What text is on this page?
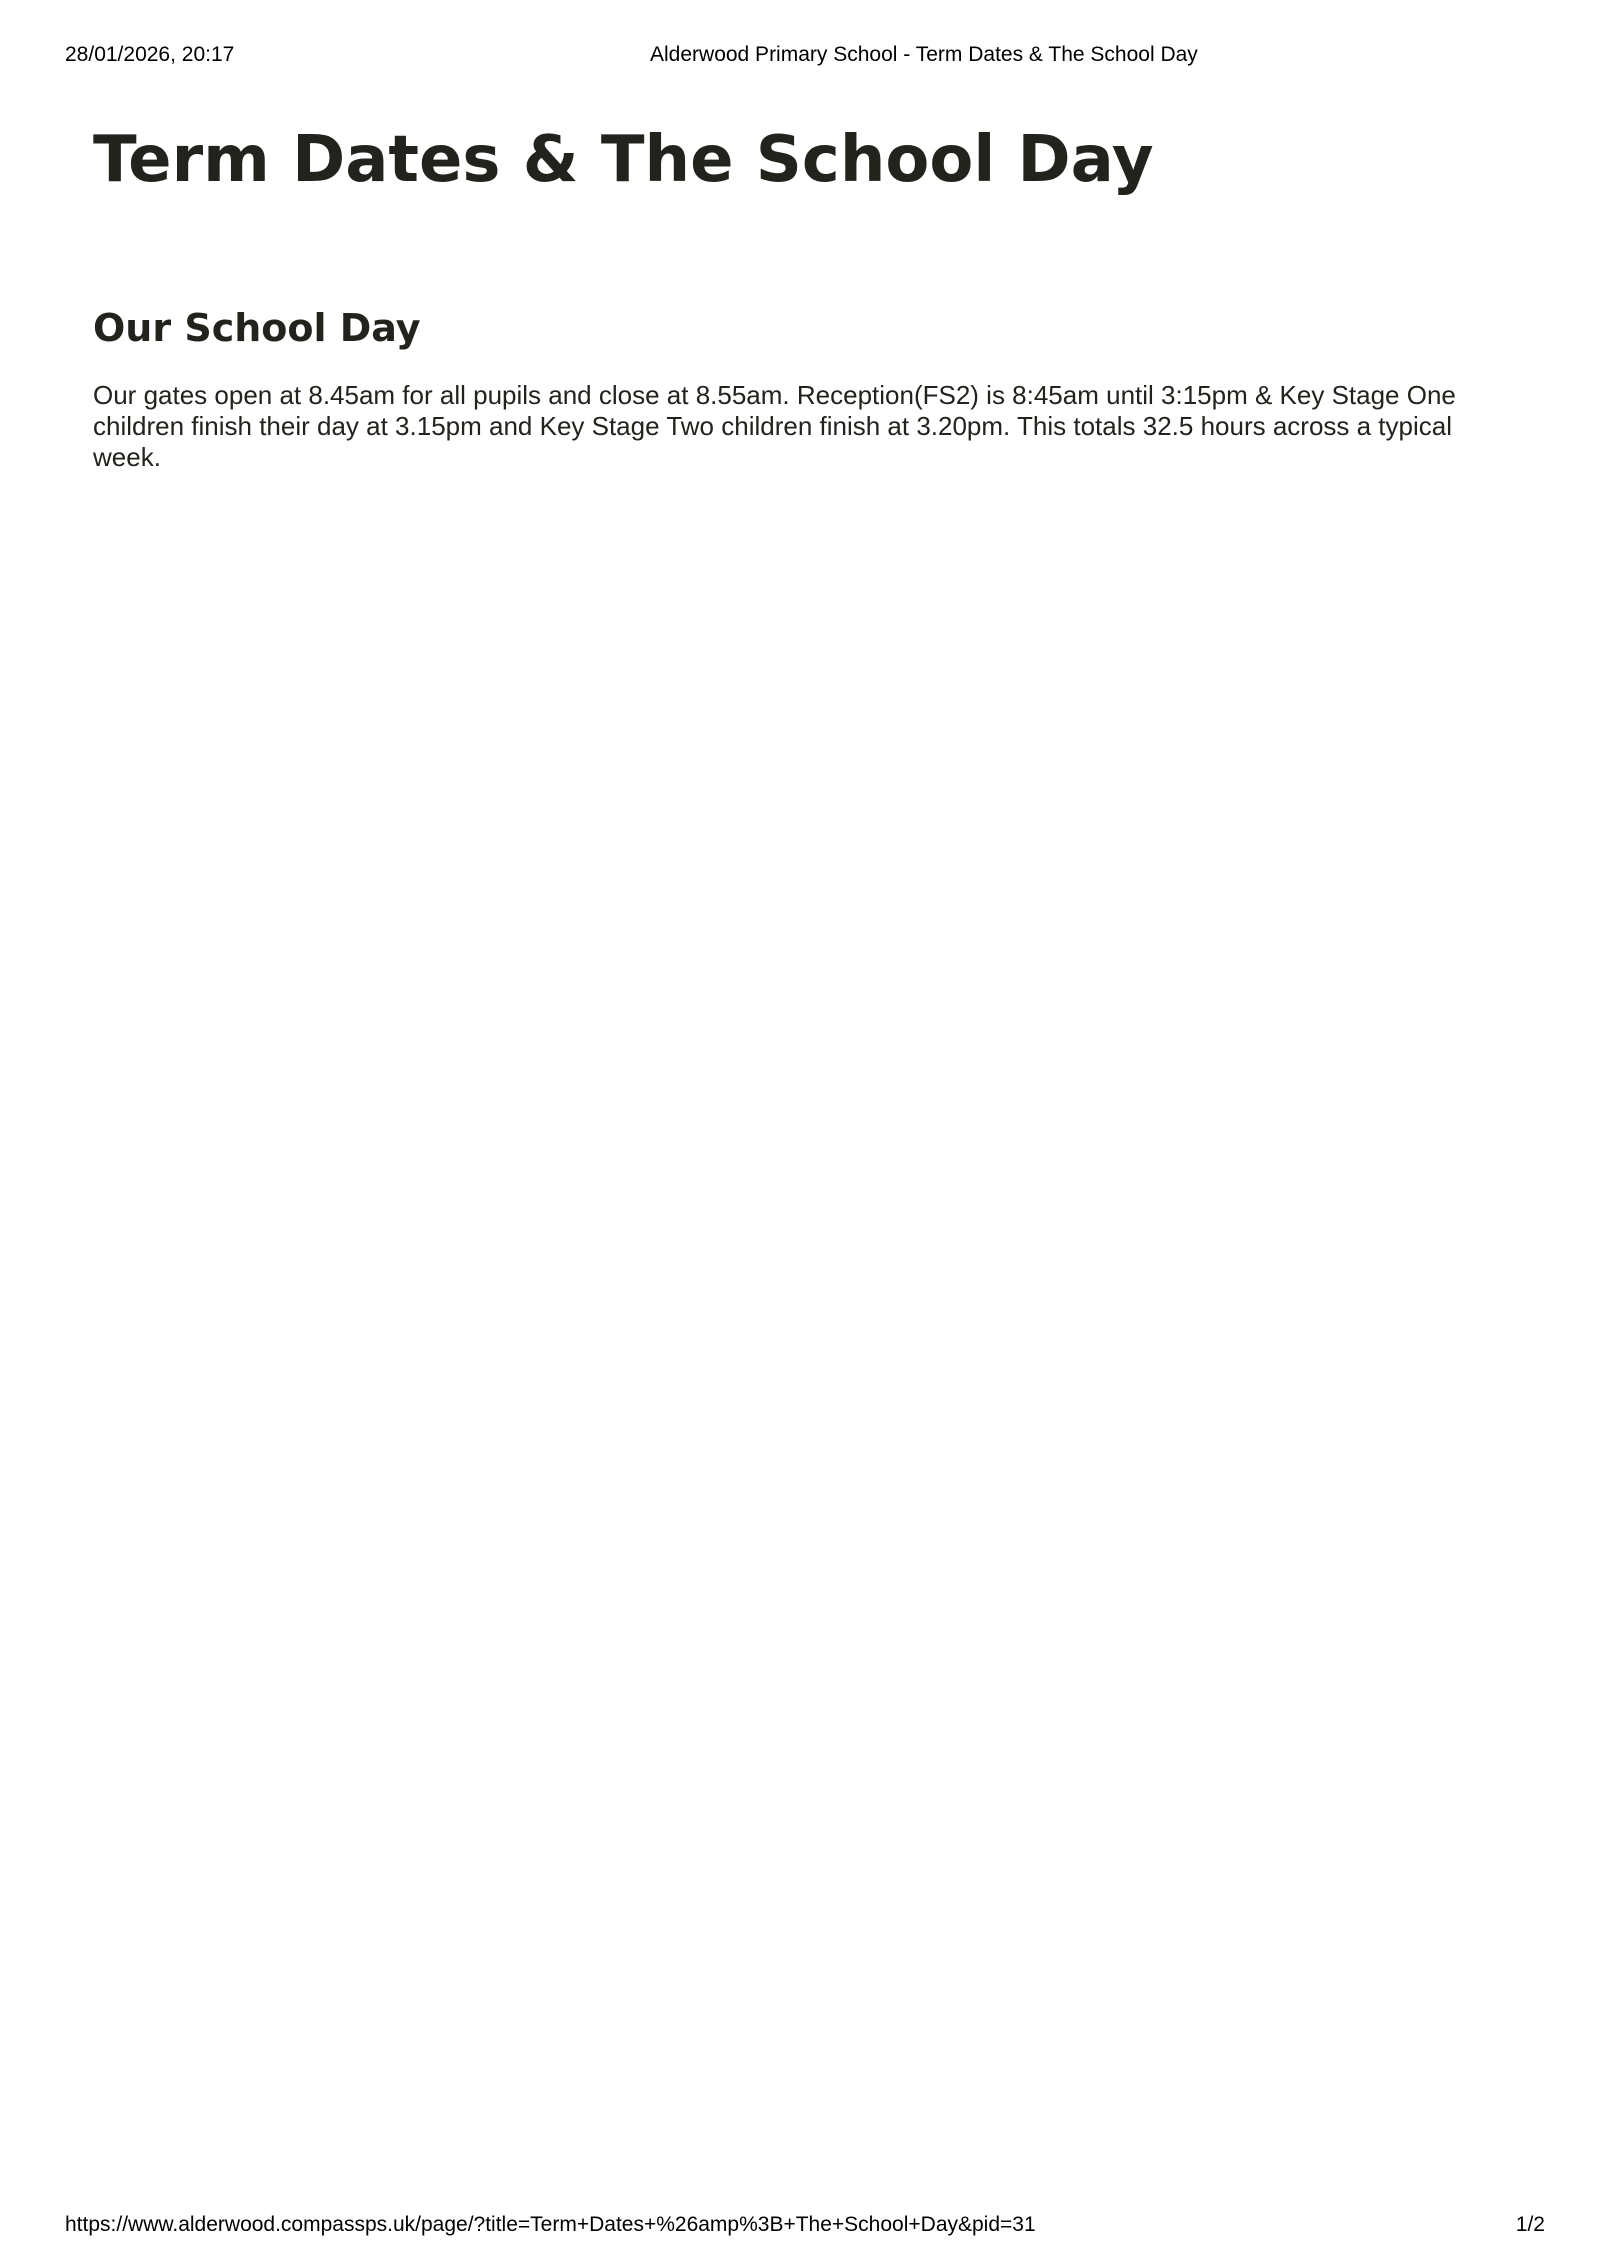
28/01/2026, 20:17	Alderwood Primary School - Term Dates & The School Day
Term Dates & The School Day
Our School Day

Our gates open at 8.45am for all pupils and close at 8.55am. Reception(FS2) is 8:45am until 3:15pm & Key Stage One children finish their day at 3.15pm and Key Stage Two children finish at 3.20pm. This totals 32.5 hours across a typical week.

https://www.alderwood.compassps.uk/page/?title=Term+Dates+%26amp%3B+The+School+Day&pid=31	1/2
